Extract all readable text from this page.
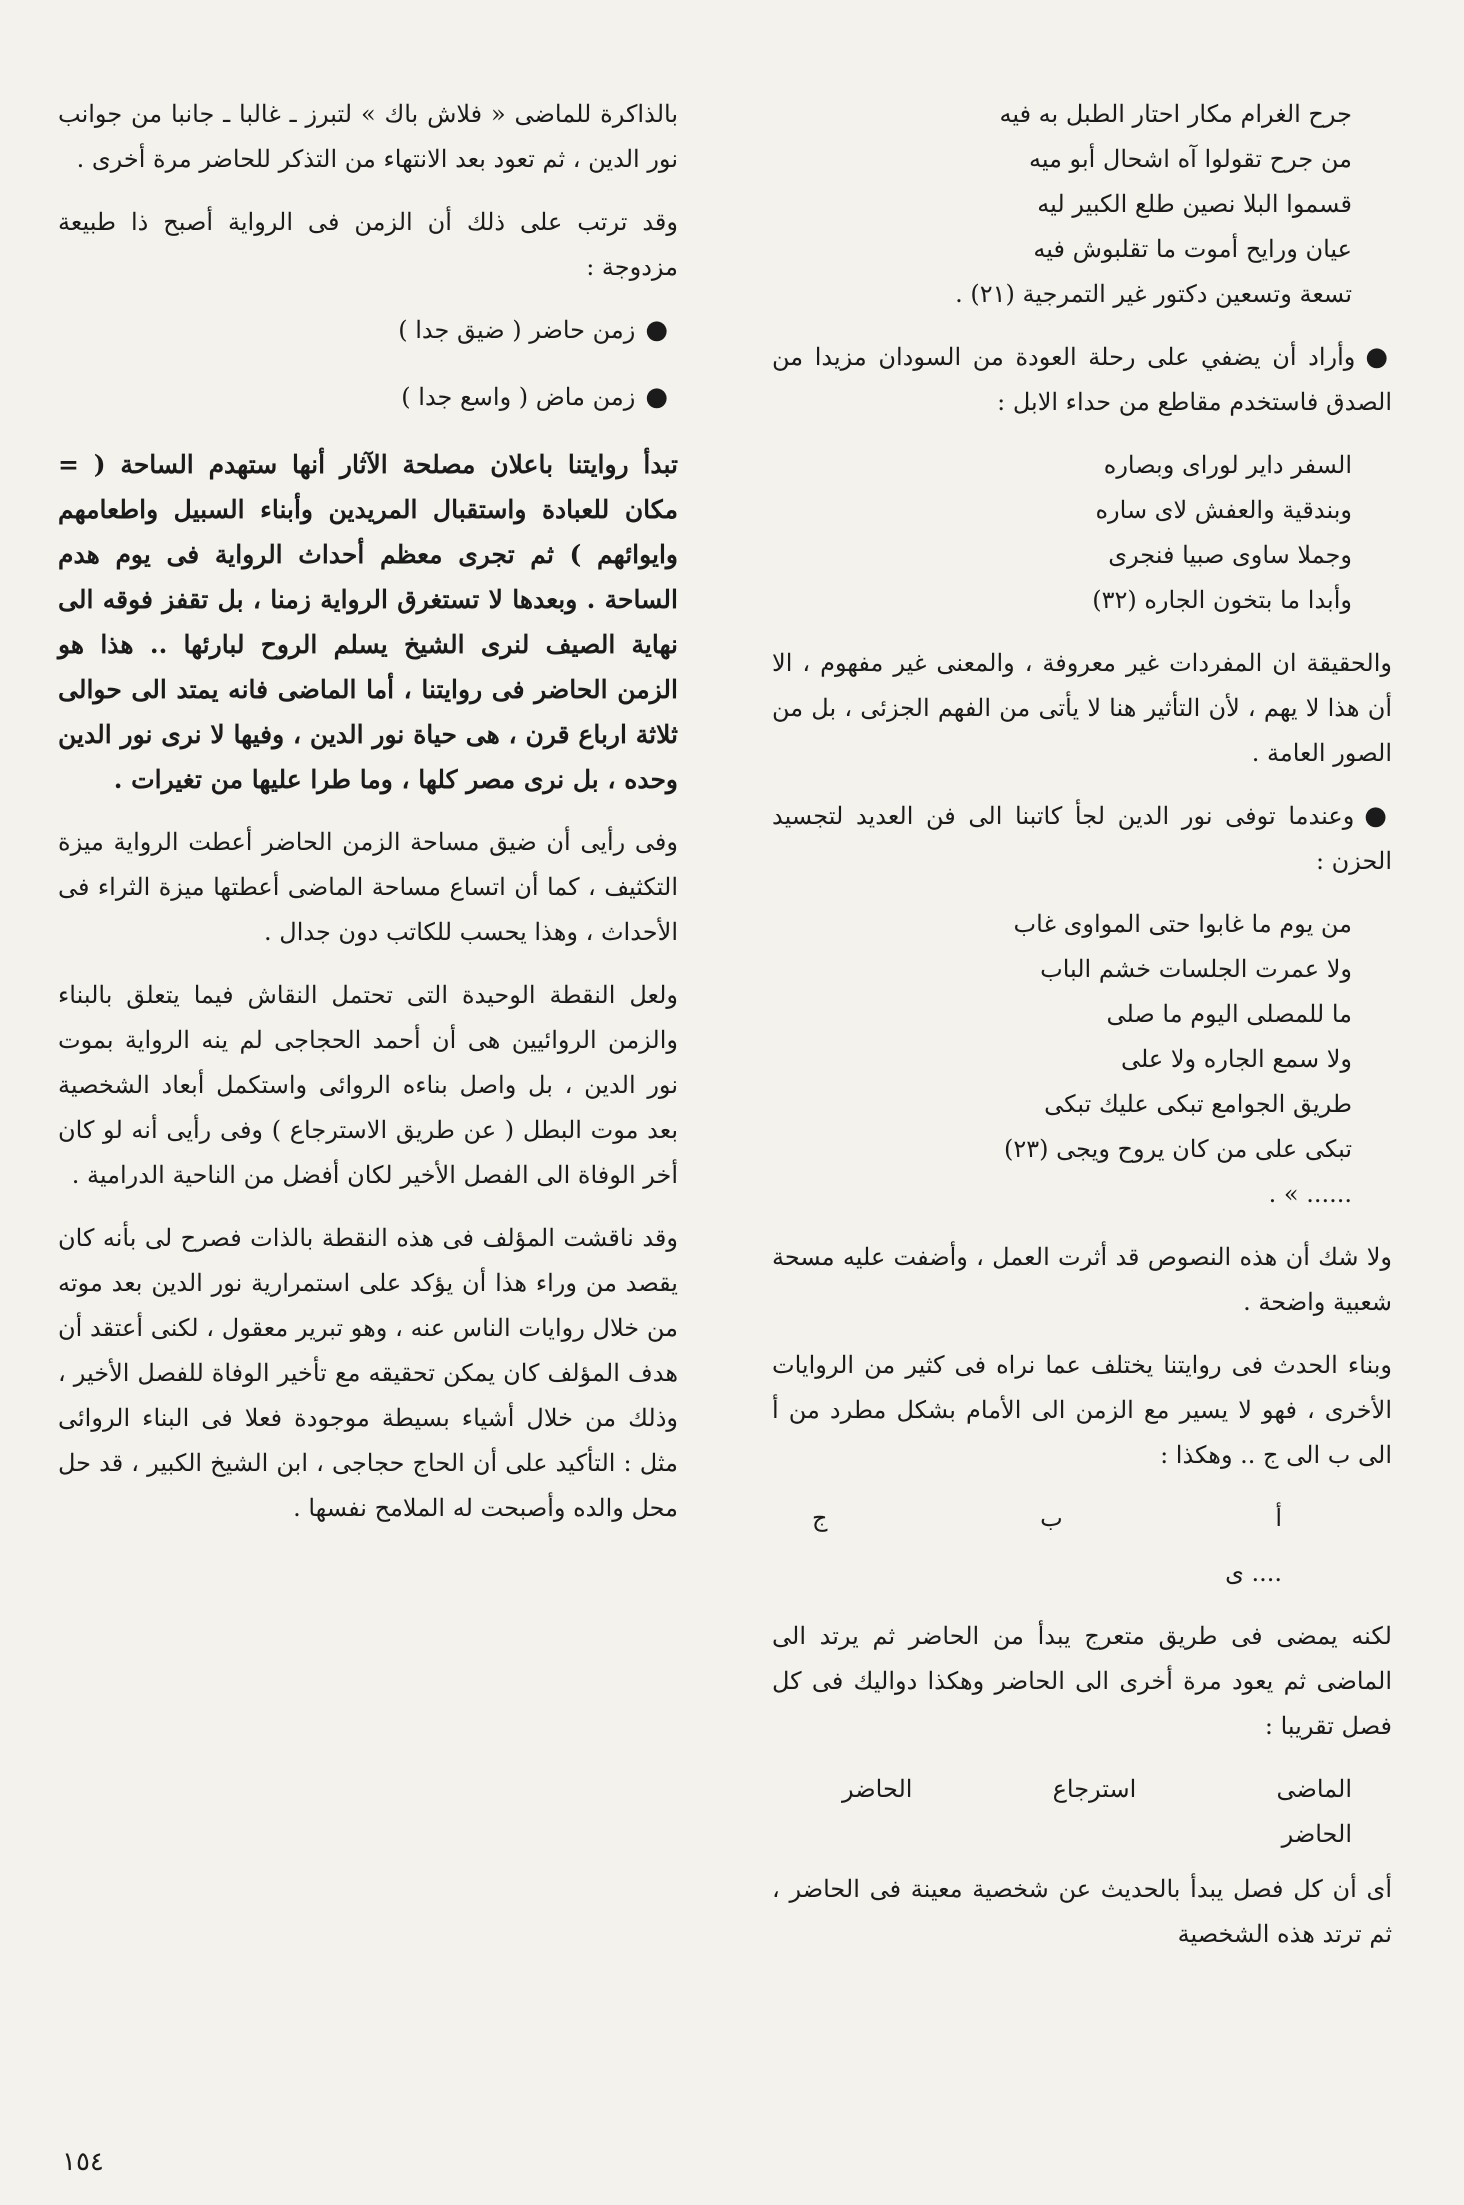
جرح الغرام مكار احتار الطبل به فيه
من جرح تقولوا آه اشحال أبو ميه
قسموا البلا نصين طلع الكبير ليه
عيان ورايح أموت ما تقلبوش فيه
تسعة وتسعين دكتور غير التمرجية (٢١) .

● وأراد أن يضفي على رحلة العودة من السودان مزيدا من الصدق فاستخدم مقاطع من حداء الابل :

السفر داير لوراى وبصاره
وبندقية والعفش لاى ساره
وجملا ساوى صبيا فنجرى
وأبدا ما بتخون الجاره (٣٢)

والحقيقة ان المفردات غير معروفة ، والمعنى غير مفهوم ، الا أن هذا لا يهم ، لأن التأثير هنا لا يأتى من الفهم الجزئى ، بل من الصور العامة .

● وعندما توفى نور الدين لجأ كاتبنا الى فن العديد لتجسيد الحزن :

من يوم ما غابوا حتى المواوى غاب
ولا عمرت الجلسات خشم الباب
ما للمصلى اليوم ما صلى
ولا سمع الجاره ولا على
طريق الجوامع تبكى عليك تبكى
تبكى على من كان يروح ويجى (٢٣)
...... » .

ولا شك أن هذه النصوص قد أثرت العمل ، وأضفت عليه مسحة شعبية واضحة .

وبناء الحدث فى روايتنا يختلف عما نراه فى كثير من الروايات الأخرى ، فهو لا يسير مع الزمن الى الأمام بشكل مطرد من أ الى ب الى ج .. وهكذا :

أ
ب
ج
.... ى

لكنه يمضى فى طريق متعرج يبدأ من الحاضر ثم يرتد الى الماضى ثم يعود مرة أخرى الى الحاضر وهكذا دواليك فى كل فصل تقريبا :

الماضى
استرجاع
الحاضر
الحاضر

أى أن كل فصل يبدأ بالحديث عن شخصية معينة فى الحاضر ، ثم ترتد هذه الشخصية

بالذاكرة للماضى « فلاش باك » لتبرز ـ غالبا ـ جانبا من جوانب نور الدين ، ثم تعود بعد الانتهاء من التذكر للحاضر مرة أخرى .

وقد ترتب على ذلك أن الزمن فى الرواية أصبح ذا طبيعة مزدوجة :

● زمن حاضر ( ضيق جدا )
● زمن ماض ( واسع جدا )

تبدأ روايتنا باعلان مصلحة الآثار أنها ستهدم الساحة ( = مكان للعبادة واستقبال المريدين وأبناء السبيل واطعامهم وايوائهم ) ثم تجرى معظم أحداث الرواية فى يوم هدم الساحة . وبعدها لا تستغرق الرواية زمنا ، بل تقفز فوقه الى نهاية الصيف لنرى الشيخ يسلم الروح لبارئها .. هذا هو الزمن الحاضر فى روايتنا ، أما الماضى فانه يمتد الى حوالى ثلاثة ارباع قرن ، هى حياة نور الدين ، وفيها لا نرى نور الدين وحده ، بل نرى مصر كلها ، وما طرا عليها من تغيرات .

وفى رأيى أن ضيق مساحة الزمن الحاضر أعطت الرواية ميزة التكثيف ، كما أن اتساع مساحة الماضى أعطتها ميزة الثراء فى الأحداث ، وهذا يحسب للكاتب دون جدال .

ولعل النقطة الوحيدة التى تحتمل النقاش فيما يتعلق بالبناء والزمن الروائيين هى أن أحمد الحجاجى لم ينه الرواية بموت نور الدين ، بل واصل بناءه الروائى واستكمل أبعاد الشخصية بعد موت البطل ( عن طريق الاسترجاع ) وفى رأيى أنه لو كان أخر الوفاة الى الفصل الأخير لكان أفضل من الناحية الدرامية .

وقد ناقشت المؤلف فى هذه النقطة بالذات فصرح لى بأنه كان يقصد من وراء هذا أن يؤكد على استمرارية نور الدين بعد موته من خلال روايات الناس عنه ، وهو تبرير معقول ، لكنى أعتقد أن هدف المؤلف كان يمكن تحقيقه مع تأخير الوفاة للفصل الأخير ، وذلك من خلال أشياء بسيطة موجودة فعلا فى البناء الروائى مثل : التأكيد على أن الحاج حجاجى ، ابن الشيخ الكبير ، قد حل محل والده وأصبحت له الملامح نفسها .

١٥٤
